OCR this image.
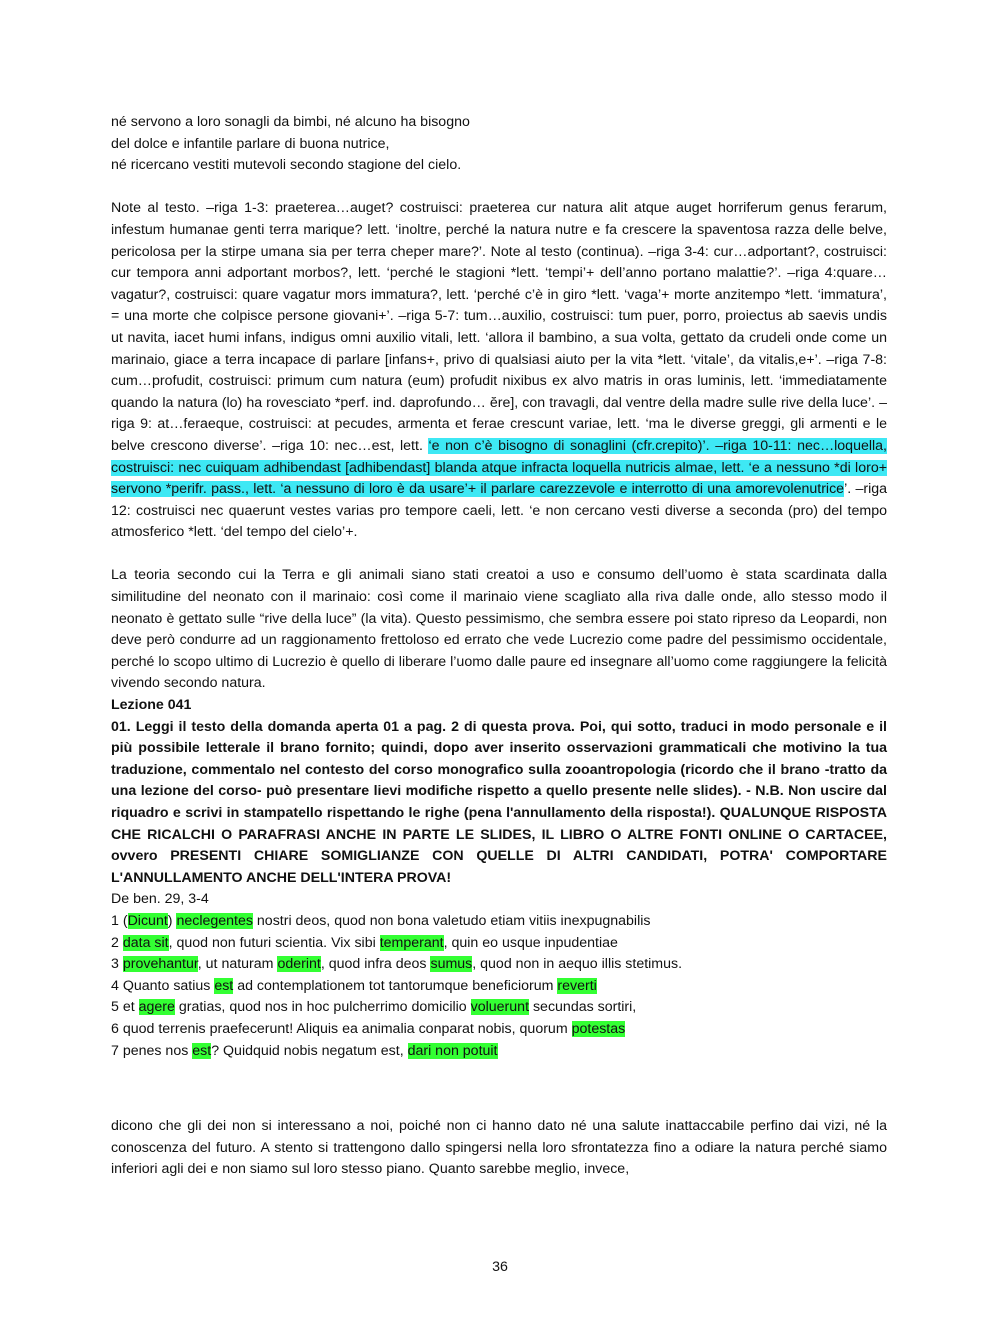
né servono a loro sonagli da bimbi, né alcuno ha bisogno
del dolce e infantile parlare di buona nutrice,
né ricercano vestiti mutevoli secondo stagione del cielo.
Note al testo. –riga 1-3: praeterea…auget? costruisci: praeterea cur natura alit atque auget horriferum genus ferarum, infestum humanae genti terra marique? lett. ‘inoltre, perché la natura nutre e fa crescere la spaventosa razza delle belve, pericolosa per la stirpe umana sia per terra cheper mare?’. Note al testo (continua). –riga 3-4: cur…adportant?, costruisci: cur tempora anni adportant morbos?, lett. ‘perché le stagioni *lett. ‘tempi’+ dell’anno portano malattie?’. –riga 4:quare…vagatur?, costruisci: quare vagatur mors immatura?, lett. ‘perché c’è in giro *lett. ‘vaga’+ morte anzitempo *lett. ‘immatura’, = una morte che colpisce persone giovani+’. –riga 5-7: tum…auxilio, costruisci: tum puer, porro, proiectus ab saevis undis ut navita, iacet humi infans, indigus omni auxilio vitali, lett. ‘allora il bambino, a sua volta, gettato da crudeli onde come un marinaio, giace a terra incapace di parlare [infans+, privo di qualsiasi aiuto per la vita *lett. ‘vitale’, da vitalis,e+’. –riga 7-8: cum…profudit, costruisci: primum cum natura (eum) profudit nixibus ex alvo matris in oras luminis, lett. ‘immediatamente quando la natura (lo) ha rovesciato *perf. ind. daprofundo… ĕre], con travagli, dal ventre della madre sulle rive della luce’. –riga 9: at…feraeque, costruisci: at pecudes, armenta et ferae crescunt variae, lett. ‘ma le diverse greggi, gli armenti e le belve crescono diverse’. –riga 10: nec…est, lett. ‘e non c’è bisogno di sonaglini (cfr.crepito)’. –riga 10-11: nec…loquella, costruisci: nec cuiquam adhibendast [adhibendast] blanda atque infracta loquella nutricis almae, lett. ‘e a nessuno *di loro+ servono *perifr. pass., lett. ‘a nessuno di loro è da usare’+ il parlare carezzevole e interrotto di una amorevolenutrice’. –riga 12: costruisci nec quaerunt vestes varias pro tempore caeli, lett. ‘e non cercano vesti diverse a seconda (pro) del tempo atmosferico *lett. ‘del tempo del cielo’+.
La teoria secondo cui la Terra e gli animali siano stati creatoi a uso e consumo dell’uomo è stata scardinata dalla similitudine del neonato con il marinaio: così come il marinaio viene scagliato alla riva dalle onde, allo stesso modo il neonato è gettato sulle “rive della luce” (la vita). Questo pessimismo, che sembra essere poi stato ripreso da Leopardi, non deve però condurre ad un raggionamento frettoloso ed errato che vede Lucrezio come padre del pessimismo occidentale, perché lo scopo ultimo di Lucrezio è quello di liberare l’uomo dalle paure ed insegnare all’uomo come raggiungere la felicità vivendo secondo natura.
Lezione 041
01. Leggi il testo della domanda aperta 01 a pag. 2 di questa prova. Poi, qui sotto, traduci in modo personale e il più possibile letterale il brano fornito; quindi, dopo aver inserito osservazioni grammaticali che motivino la tua traduzione, commentalo nel contesto del corso monografico sulla zooantropologia (ricordo che il brano -tratto da una lezione del corso- può presentare lievi modifiche rispetto a quello presente nelle slides). - N.B. Non uscire dal riquadro e scrivi in stampatello rispettando le righe (pena l'annullamento della risposta!). QUALUNQUE RISPOSTA CHE RICALCHI O PARAFRASI ANCHE IN PARTE LE SLIDES, IL LIBRO O ALTRE FONTI ONLINE O CARTACEE, ovvero PRESENTI CHIARE SOMIGLIANZE CON QUELLE DI ALTRI CANDIDATI, POTRA' COMPORTARE L'ANNULLAMENTO ANCHE DELL'INTERA PROVA!
De ben. 29, 3-4
1 (Dicunt) neclegentes nostri deos, quod non bona valetudo etiam vitiis inexpugnabilis
2 data sit, quod non futuri scientia. Vix sibi temperant, quin eo usque inpudentiae
3 provehantur, ut naturam oderint, quod infra deos sumus, quod non in aequo illis stetimus.
4 Quanto satius est ad contemplationem tot tantorumque beneficiorum reverti
5 et agere gratias, quod nos in hoc pulcherrimo domicilio voluerunt secundas sortiri,
6 quod terrenis praefecerunt! Aliquis ea animalia conparat nobis, quorum potestas
7 penes nos est? Quidquid nobis negatum est, dari non potuit
dicono che gli dei non si interessano a noi, poiché non ci hanno dato né una salute inattaccabile perfino dai vizi, né la conoscenza del futuro. A stento si trattengono dallo spingersi nella loro sfrontatezza fino a odiare la natura perché siamo inferiori agli dei e non siamo sul loro stesso piano. Quanto sarebbe meglio, invece,
36
